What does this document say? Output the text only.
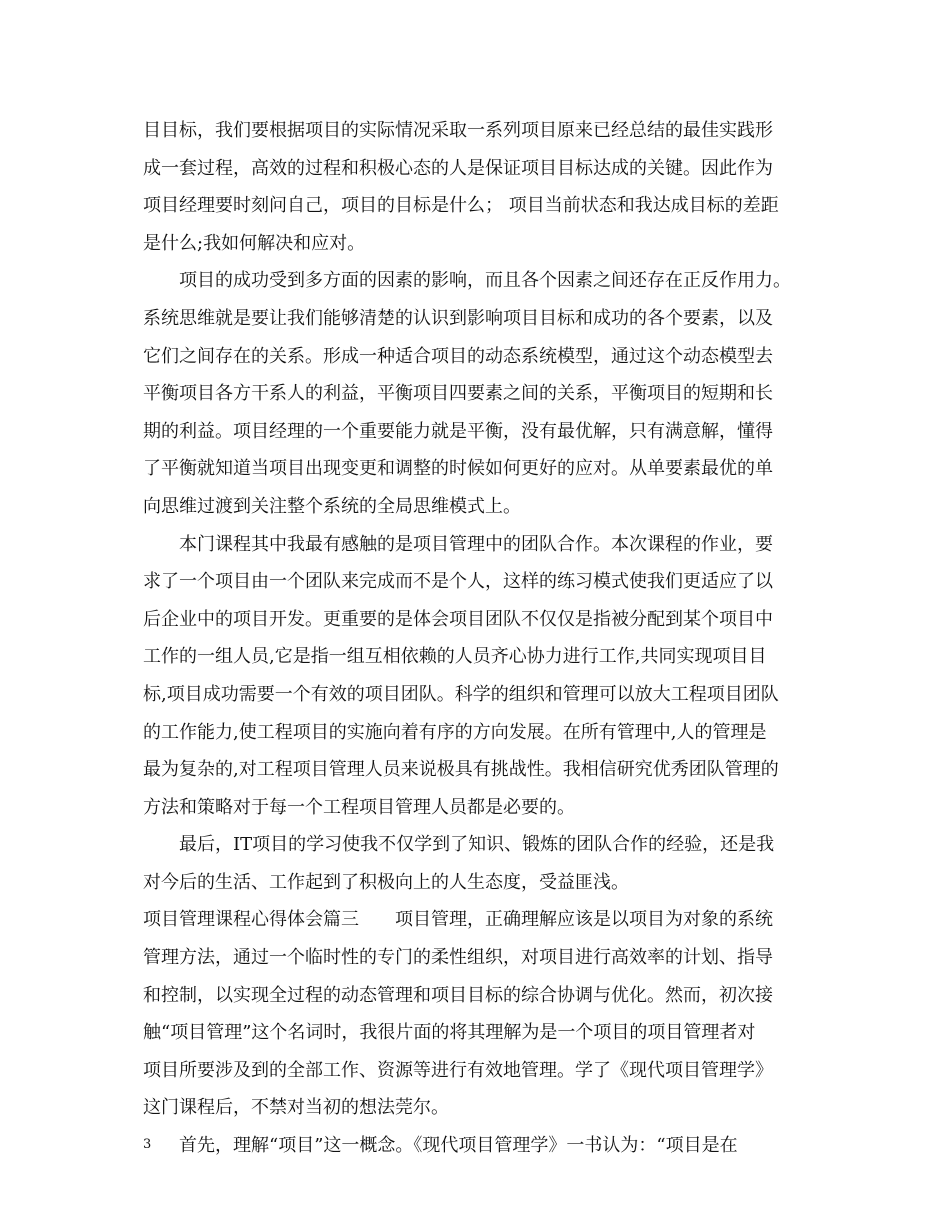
目目标，我们要根据项目的实际情况采取一系列项目原来已经总结的最佳实践形
成一套过程，高效的过程和积极心态的人是保证项目目标达成的关键。因此作为
项目经理要时刻问自己，项目的目标是什么； 项目当前状态和我达成目标的差距
是什么;我如何解决和应对。
项目的成功受到多方面的因素的影响，而且各个因素之间还存在正反作用力。
系统思维就是要让我们能够清楚的认识到影响项目目标和成功的各个要素，以及
它们之间存在的关系。形成一种适合项目的动态系统模型，通过这个动态模型去
平衡项目各方干系人的利益，平衡项目四要素之间的关系，平衡项目的短期和长
期的利益。项目经理的一个重要能力就是平衡，没有最优解，只有满意解，懂得
了平衡就知道当项目出现变更和调整的时候如何更好的应对。从单要素最优的单
向思维过渡到关注整个系统的全局思维模式上。
本门课程其中我最有感触的是项目管理中的团队合作。本次课程的作业，要
求了一个项目由一个团队来完成而不是个人，这样的练习模式使我们更适应了以
后企业中的项目开发。更重要的是体会项目团队不仅仅是指被分配到某个项目中
工作的一组人员,它是指一组互相依赖的人员齐心协力进行工作,共同实现项目目
标,项目成功需要一个有效的项目团队。科学的组织和管理可以放大工程项目团队
的工作能力,使工程项目的实施向着有序的方向发展。在所有管理中,人的管理是
最为复杂的,对工程项目管理人员来说极具有挑战性。我相信研究优秀团队管理的
方法和策略对于每一个工程项目管理人员都是必要的。
最后，IT项目的学习使我不仅学到了知识、锻炼的团队合作的经验，还是我
对今后的生活、工作起到了积极向上的人生态度，受益匪浅。
项目管理课程心得体会篇三 项目管理，正确理解应该是以项目为对象的系统
管理方法，通过一个临时性的专门的柔性组织，对项目进行高效率的计划、指导
和控制，以实现全过程的动态管理和项目目标的综合协调与优化。然而，初次接
触“项目管理”这个名词时，我很片面的将其理解为是一个项目的项目管理者对
项目所要涉及到的全部工作、资源等进行有效地管理。学了《现代项目管理学》
这门课程后，不禁对当初的想法莞尔。
首先，理解“项目”这一概念。《现代项目管理学》一书认为：“项目是在
3
